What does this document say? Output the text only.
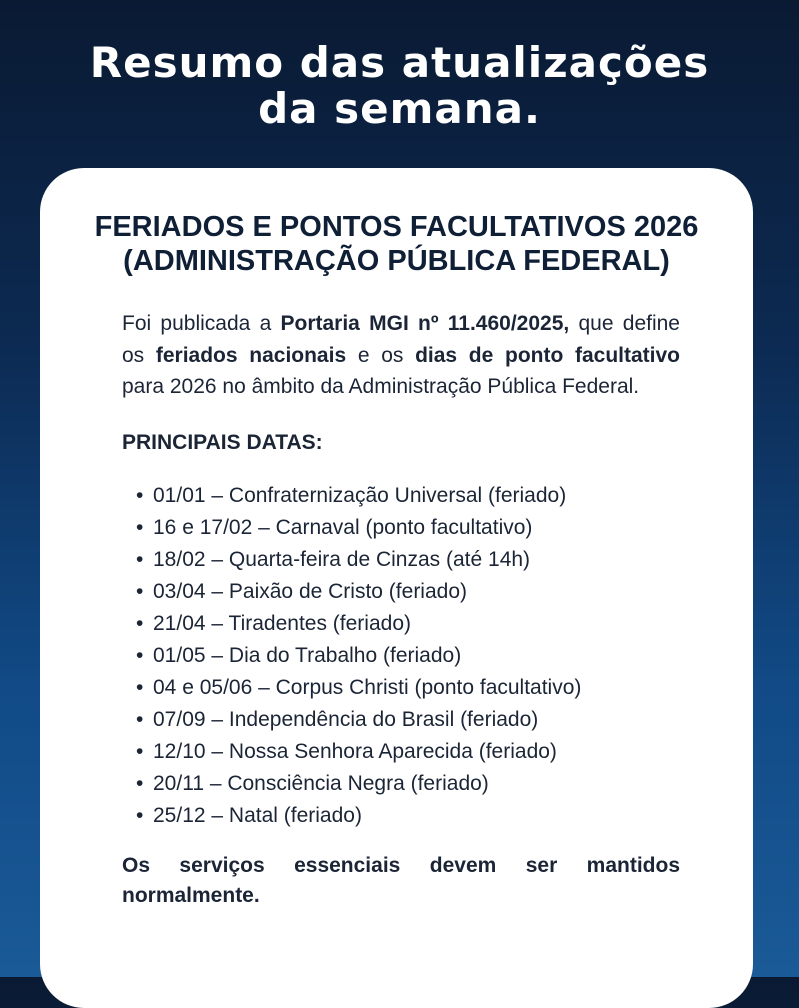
Resumo das atualizações
da semana.
FERIADOS E PONTOS FACULTATIVOS 2026
(ADMINISTRAÇÃO PÚBLICA FEDERAL)

Foi publicada a Portaria MGI nº 11.460/2025, que define os feriados nacionais e os dias de ponto facultativo para 2026 no âmbito da Administração Pública Federal.

PRINCIPAIS DATAS:
• 01/01 – Confraternização Universal (feriado)
• 16 e 17/02 – Carnaval (ponto facultativo)
• 18/02 – Quarta-feira de Cinzas (até 14h)
• 03/04 – Paixão de Cristo (feriado)
• 21/04 – Tiradentes (feriado)
• 01/05 – Dia do Trabalho (feriado)
• 04 e 05/06 – Corpus Christi (ponto facultativo)
• 07/09 – Independência do Brasil (feriado)
• 12/10 – Nossa Senhora Aparecida (feriado)
• 20/11 – Consciência Negra (feriado)
• 25/12 – Natal (feriado)
Os serviços essenciais devem ser mantidos normalmente.
